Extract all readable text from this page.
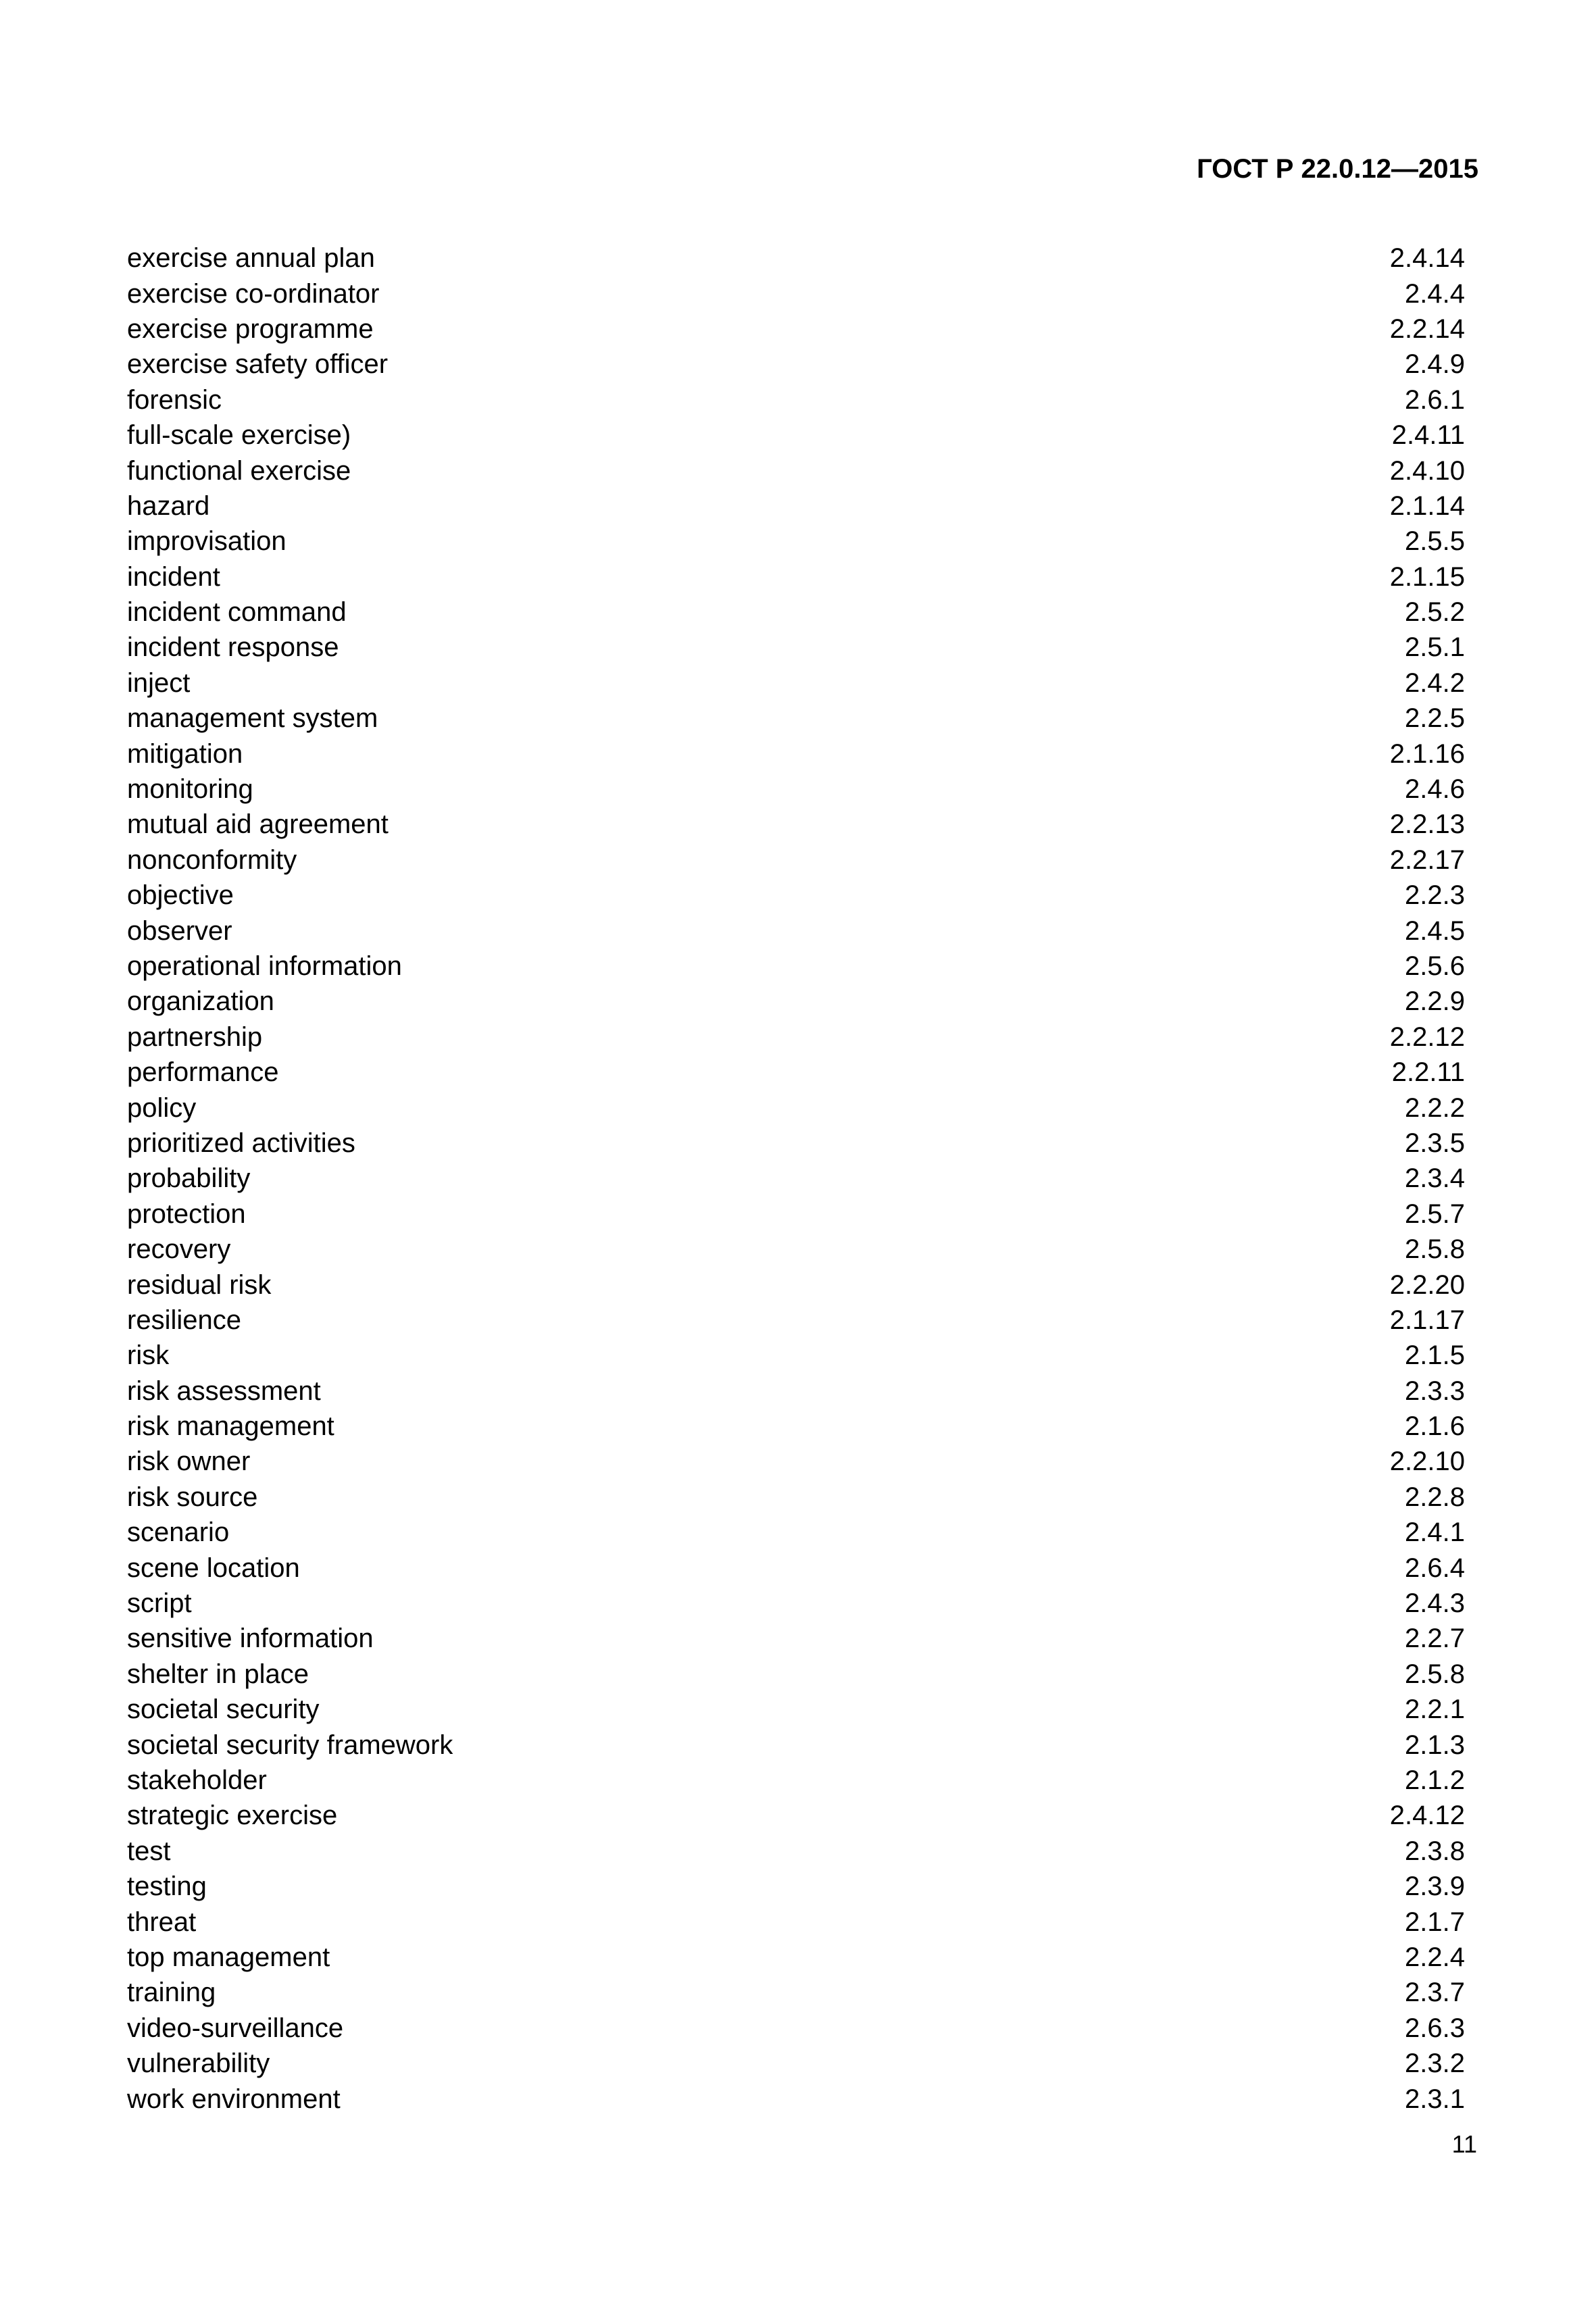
ГОСТ Р 22.0.12—2015
exercise annual plan	2.4.14
exercise co-ordinator	2.4.4
exercise programme	2.2.14
exercise safety officer	2.4.9
forensic	2.6.1
full-scale exercise)	2.4.11
functional exercise	2.4.10
hazard	2.1.14
improvisation	2.5.5
incident	2.1.15
incident command	2.5.2
incident response	2.5.1
inject	2.4.2
management system	2.2.5
mitigation	2.1.16
monitoring	2.4.6
mutual aid agreement	2.2.13
nonconformity	2.2.17
objective	2.2.3
observer	2.4.5
operational information	2.5.6
organization	2.2.9
partnership	2.2.12
performance	2.2.11
policy	2.2.2
prioritized activities	2.3.5
probability	2.3.4
protection	2.5.7
recovery	2.5.8
residual risk	2.2.20
resilience	2.1.17
risk	2.1.5
risk assessment	2.3.3
risk management	2.1.6
risk owner	2.2.10
risk source	2.2.8
scenario	2.4.1
scene location	2.6.4
script	2.4.3
sensitive information	2.2.7
shelter in place	2.5.8
societal security	2.2.1
societal security framework	2.1.3
stakeholder	2.1.2
strategic exercise	2.4.12
test	2.3.8
testing	2.3.9
threat	2.1.7
top management	2.2.4
training	2.3.7
video-surveillance	2.6.3
vulnerability	2.3.2
work environment	2.3.1
11
